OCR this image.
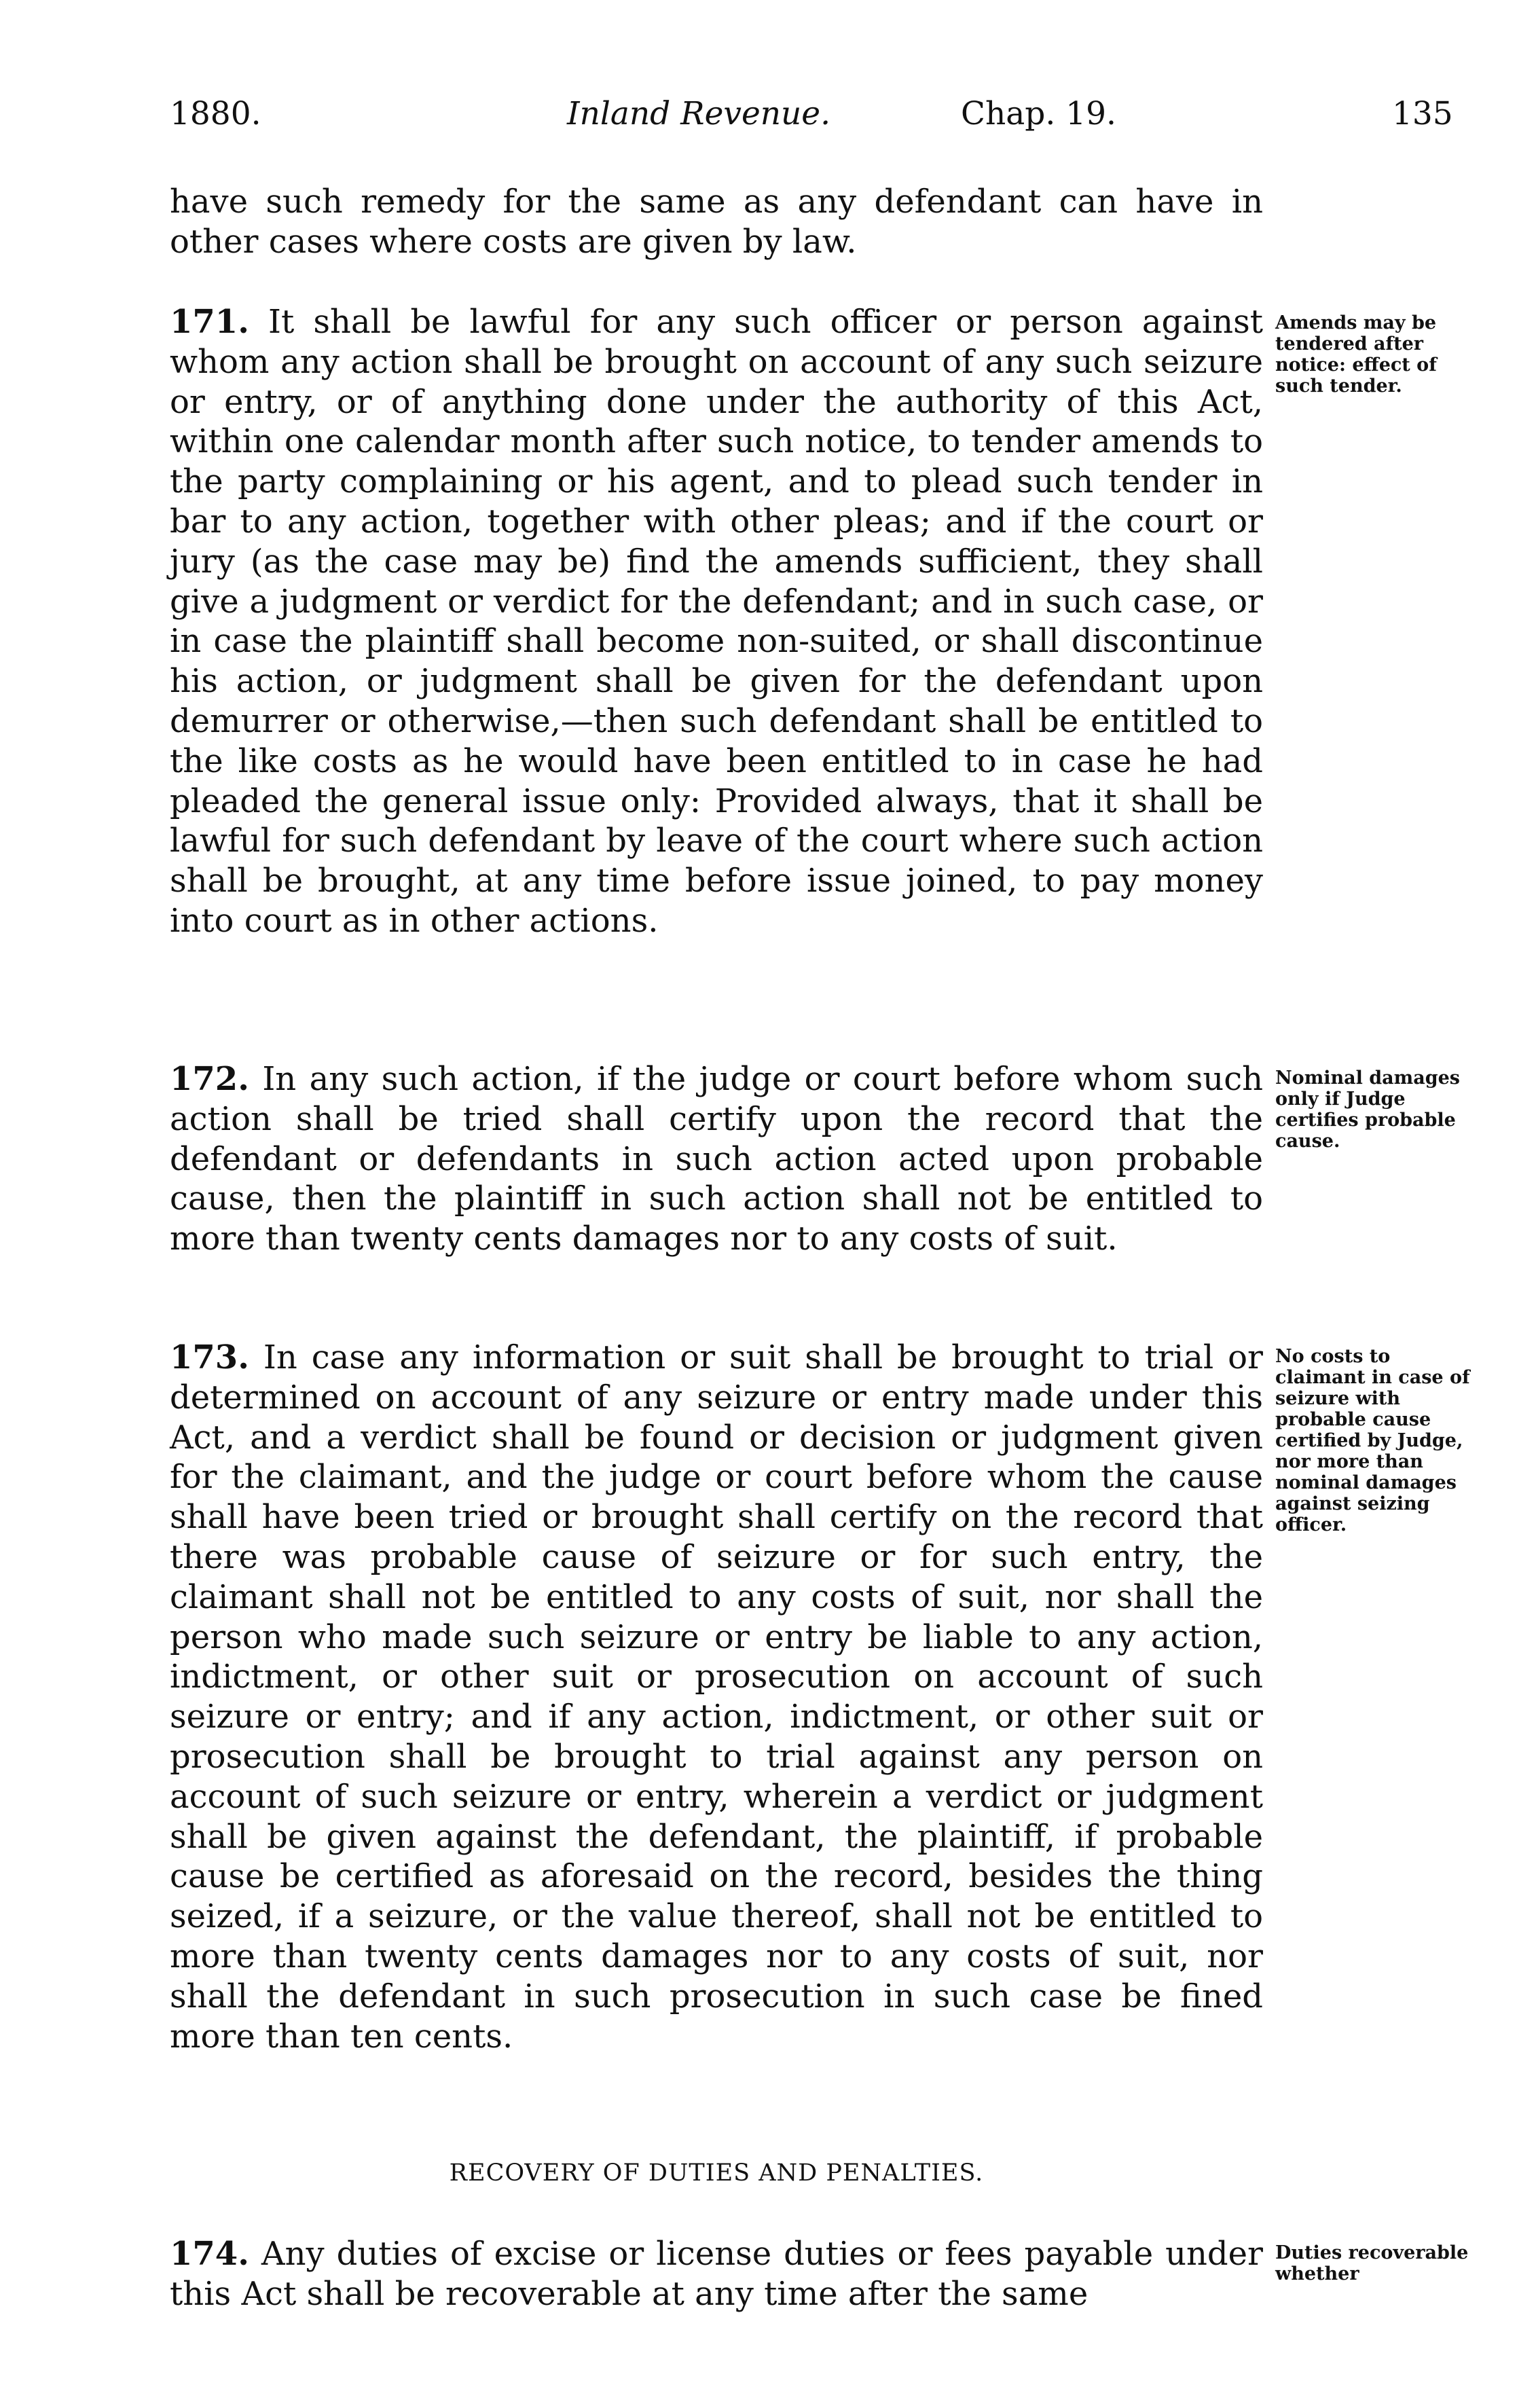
1880.	Inland Revenue.	Chap. 19.	135

have such remedy for the same as any defendant can have in other cases where costs are given by law.

171. It shall be lawful for any such officer or person against whom any action shall be brought on account of any such seizure or entry, or of anything done under the authority of this Act, within one calendar month after such notice, to tender amends to the party complaining or his agent, and to plead such tender in bar to any action, together with other pleas; and if the court or jury (as the case may be) find the amends sufficient, they shall give a judgment or verdict for the defendant; and in such case, or in case the plaintiff shall become non-suited, or shall discontinue his action, or judgment shall be given for the defendant upon demurrer or otherwise,—then such defendant shall be entitled to the like costs as he would have been entitled to in case he had pleaded the general issue only: Provided always, that it shall be lawful for such defendant by leave of the court where such action shall be brought, at any time before issue joined, to pay money into court as in other actions.

Amends may be tendered after notice: effect of such tender.

172. In any such action, if the judge or court before whom such action shall be tried shall certify upon the record that the defendant or defendants in such action acted upon probable cause, then the plaintiff in such action shall not be entitled to more than twenty cents damages nor to any costs of suit.

Nominal damages only if Judge certifies probable cause.

173. In case any information or suit shall be brought to trial or determined on account of any seizure or entry made under this Act, and a verdict shall be found or decision or judgment given for the claimant, and the judge or court before whom the cause shall have been tried or brought shall certify on the record that there was probable cause of seizure or for such entry, the claimant shall not be entitled to any costs of suit, nor shall the person who made such seizure or entry be liable to any action, indictment, or other suit or prosecution on account of such seizure or entry; and if any action, indictment, or other suit or prosecution shall be brought to trial against any person on account of such seizure or entry, wherein a verdict or judgment shall be given against the defendant, the plaintiff, if probable cause be certified as aforesaid on the record, besides the thing seized, if a seizure, or the value thereof, shall not be entitled to more than twenty cents damages nor to any costs of suit, nor shall the defendant in such prosecution in such case be fined more than ten cents.

No costs to claimant in case of seizure with probable cause certified by Judge, nor more than nominal damages against seizing officer.
RECOVERY OF DUTIES AND PENALTIES.

174. Any duties of excise or license duties or fees payable under this Act shall be recoverable at any time after the same

Duties recoverable whether
